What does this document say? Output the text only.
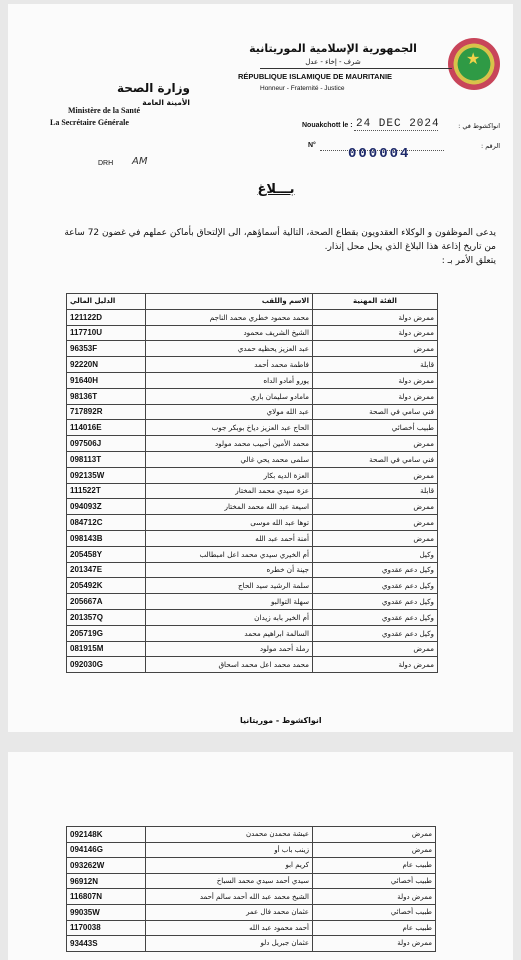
★
الجمهورية الإسلامية الموريتانية
شرف - إخاء - عدل
RÉPUBLIQUE ISLAMIQUE DE MAURITANIE
Honneur - Fraternité - Justice
وزارة الصحة
الأمينة العامة
Ministère de la Santé
La Secrétaire Générale
DRH AM
Nouakchott le : 24 DEC 2024	انواكشوط في :
N°
000004	الرقم :
بـــلاغ
يدعى الموظفون و الوكلاء العقدويون بقطاع الصحة، التالية أسماؤهم، الى الإلتحاق بأماكن عملهم في غضون 72 ساعة
من تاريخ إذاعة هذا البلاغ الذي يحل محل إنذار.
يتعلق الأمر بـ :
الدليل المالي	الاسم واللقب	الفئة المهنية
121122D	محمد محمود خطري محمد الناجم	ممرض دولة
117710U	الشيخ الشريف محمود	ممرض دولة
96353F	عبد العزيز يحظيه حمدي	ممرض
92220N	فاطمة محمد أحمد	قابلة
91640H	يورو أمادو الداه	ممرض دولة
98136T	مامادو سليمان باري	ممرض دولة
717892R	عبد الله مولاي	فني سامي في الصحة
114016E	الحاج عبد العزيز دياخ بوبكر جوب	طبيب أخصائي
097506J	محمد الأمين أحبيب محمد مولود	ممرض
098113T	سلمى محمد يحي غالي	فني سامي في الصحة
092135W	العزة الديه بكار	ممرض
111522T	عزة سيدي محمد المختار	قابلة
094093Z	اسيعة عبد الله محمد المختار	ممرض
084712C	توها عبد الله موسى	ممرض
098143B	أمنة أحمد عبد الله	ممرض
205458Y	أم الخيري سيدي محمد اعل امبطالب	وكيل
201347E	جينة أن خطره	وكيل دعم عقدوي
205492K	سلمة الرشيد سيد الحاج	وكيل دعم عقدوي
205667A	سهلة التوالبو	وكيل دعم عقدوي
201357Q	أم الخير بابه زيدان	وكيل دعم عقدوي
205719G	السالمة ابراهيم محمد	وكيل دعم عقدوي
081915M	رملة أحمد مولود	ممرض
092030G	محمد محمد اعل محمد اسحاق	ممرض دولة
انواكشوط - موريتانيا
092148K	عيشة محمدن محمدن	ممرض
094146G	زينب باب أو	ممرض
093262W	كريم ابو	طبيب عام
96912N	سيدي أحمد سيدي محمد السباخ	طبيب أخصائي
116807N	الشيخ محمد عبد الله أحمد سالم أحمد	ممرض دولة
99035W	عثمان محمد فال عمر	طبيب أخصائي
1170038	أحمد محمود عبد الله	طبيب عام
93443S	عثمان جبريل دلو	ممرض دولة
